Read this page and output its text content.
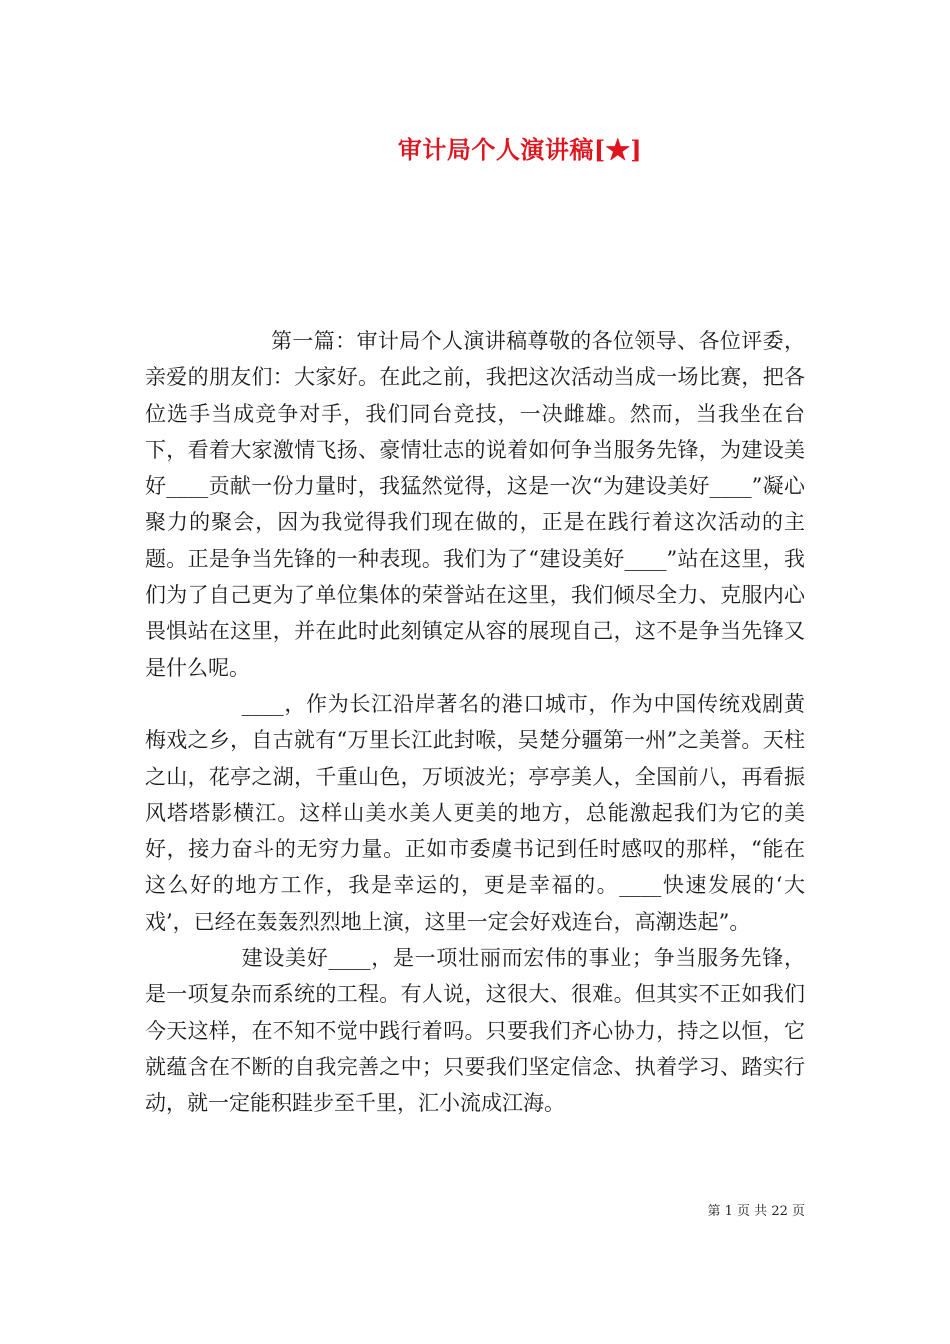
审计局个人演讲稿[★]

第一篇：审计局个人演讲稿尊敬的各位领导、各位评委，亲爱的朋友们：大家好。在此之前，我把这次活动当成一场比赛，把各位选手当成竞争对手，我们同台竞技，一决雌雄。然而，当我坐在台下，看着大家激情飞扬、豪情壮志的说着如何争当服务先锋，为建设美好____贡献一份力量时，我猛然觉得，这是一次“为建设美好____”凝心聚力的聚会，因为我觉得我们现在做的，正是在践行着这次活动的主题。正是争当先锋的一种表现。我们为了“建设美好____”站在这里，我们为了自己更为了单位集体的荣誉站在这里，我们倾尽全力、克服内心畏惧站在这里，并在此时此刻镇定从容的展现自己，这不是争当先锋又是什么呢。

____，作为长江沿岸著名的港口城市，作为中国传统戏剧黄梅戏之乡，自古就有“万里长江此封喉，吴楚分疆第一州”之美誉。天柱之山，花亭之湖，千重山色，万顷波光；亭亭美人，全国前八，再看振风塔塔影横江。这样山美水美人更美的地方，总能激起我们为它的美好，接力奋斗的无穷力量。正如市委虞书记到任时感叹的那样，“能在这么好的地方工作，我是幸运的，更是幸福的。____快速发展的‘大戏’，已经在轰轰烈烈地上演，这里一定会好戏连台，高潮迭起”。

建设美好____，是一项壮丽而宏伟的事业；争当服务先锋，是一项复杂而系统的工程。有人说，这很大、很难。但其实不正如我们今天这样，在不知不觉中践行着吗。只要我们齐心协力，持之以恒，它就蕴含在不断的自我完善之中；只要我们坚定信念、执着学习、踏实行动，就一定能积跬步至千里，汇小流成江海。

第 1 页 共 22 页
